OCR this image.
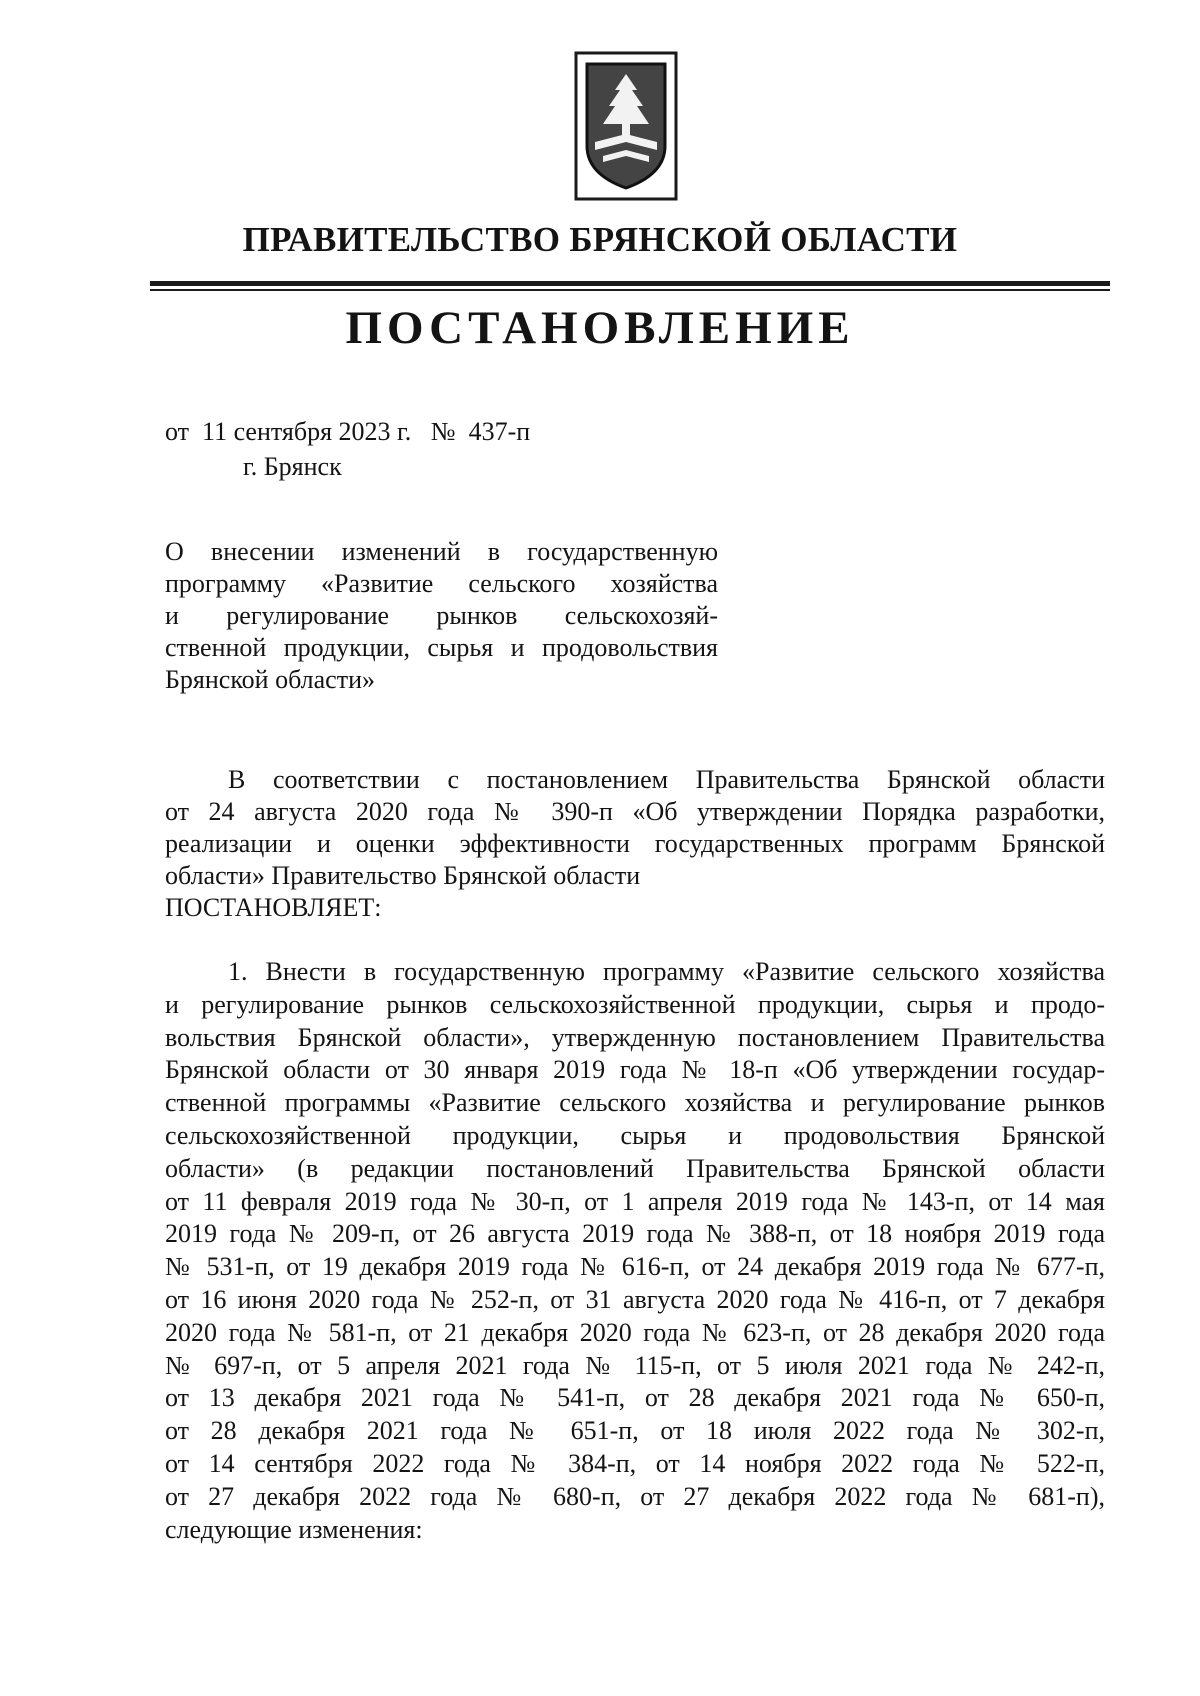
ПРАВИТЕЛЬСТВО БРЯНСКОЙ ОБЛАСТИ
ПОСТАНОВЛЕНИЕ
от 11 сентября 2023 г. № 437-п
г. Брянск
О внесении изменений в государственную
программу «Развитие сельского хозяйства
и регулирование рынков сельскохозяй-
ственной продукции, сырья и продовольствия
Брянской области»
В соответствии с постановлением Правительства Брянской области
от 24 августа 2020 года № 390-п «Об утверждении Порядка разработки,
реализации и оценки эффективности государственных программ Брянской
области» Правительство Брянской области
ПОСТАНОВЛЯЕТ:
1. Внести в государственную программу «Развитие сельского хозяйства
и регулирование рынков сельскохозяйственной продукции, сырья и продо-
вольствия Брянской области», утвержденную постановлением Правительства
Брянской области от 30 января 2019 года № 18-п «Об утверждении государ-
ственной программы «Развитие сельского хозяйства и регулирование рынков
сельскохозяйственной продукции, сырья и продовольствия Брянской
области» (в редакции постановлений Правительства Брянской области
от 11 февраля 2019 года № 30-п, от 1 апреля 2019 года № 143-п, от 14 мая
2019 года № 209-п, от 26 августа 2019 года № 388-п, от 18 ноября 2019 года
№ 531-п, от 19 декабря 2019 года № 616-п, от 24 декабря 2019 года № 677-п,
от 16 июня 2020 года № 252-п, от 31 августа 2020 года № 416-п, от 7 декабря
2020 года № 581-п, от 21 декабря 2020 года № 623-п, от 28 декабря 2020 года
№ 697-п, от 5 апреля 2021 года № 115-п, от 5 июля 2021 года № 242-п,
от 13 декабря 2021 года № 541-п, от 28 декабря 2021 года № 650-п,
от 28 декабря 2021 года № 651-п, от 18 июля 2022 года № 302-п,
от 14 сентября 2022 года № 384-п, от 14 ноября 2022 года № 522-п,
от 27 декабря 2022 года № 680-п, от 27 декабря 2022 года № 681-п),
следующие изменения:
